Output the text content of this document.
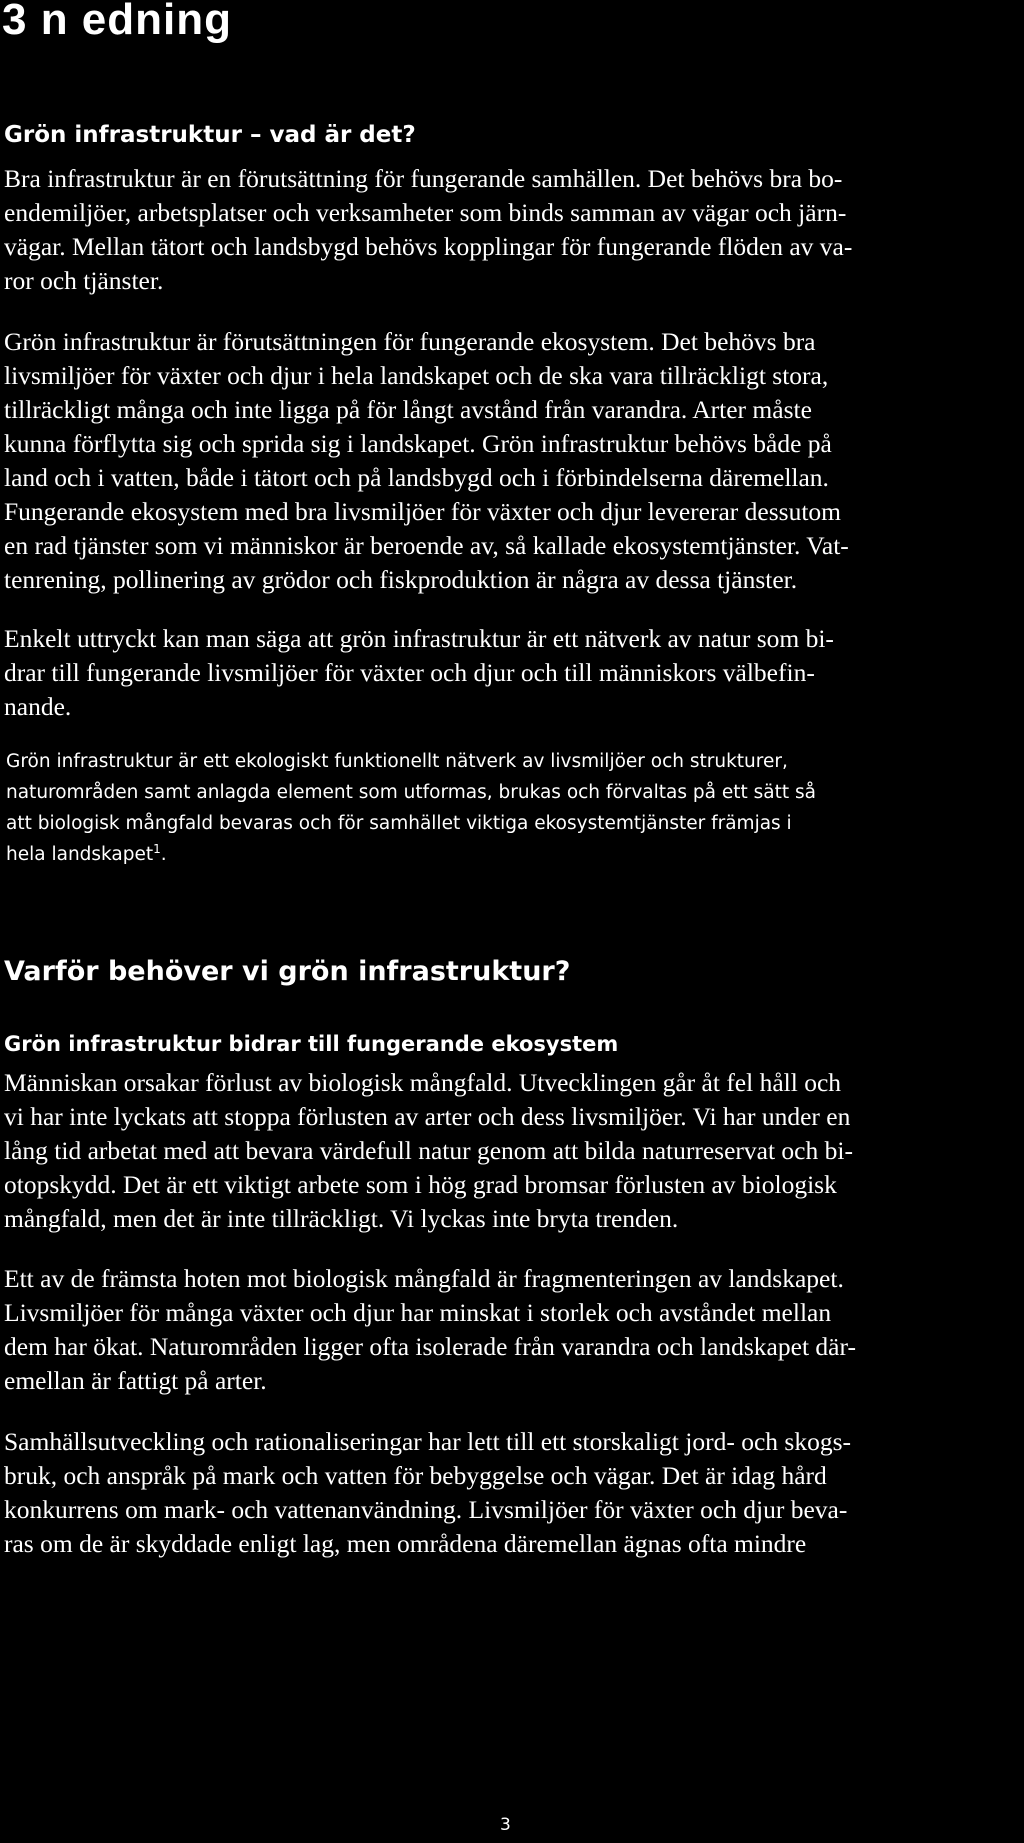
3 n edning
Grön infrastruktur – vad är det?

Bra infrastruktur är en förutsättning för fungerande samhällen. Det behövs bra bo-
endemiljöer, arbetsplatser och verksamheter som binds samman av vägar och järn-
vägar. Mellan tätort och landsbygd behövs kopplingar för fungerande flöden av va-
ror och tjänster.

Grön infrastruktur är förutsättningen för fungerande ekosystem. Det behövs bra
livsmiljöer för växter och djur i hela landskapet och de ska vara tillräckligt stora,
tillräckligt många och inte ligga på för långt avstånd från varandra. Arter måste
kunna förflytta sig och sprida sig i landskapet. Grön infrastruktur behövs både på
land och i vatten, både i tätort och på landsbygd och i förbindelserna däremellan.
Fungerande ekosystem med bra livsmiljöer för växter och djur levererar dessutom
en rad tjänster som vi människor är beroende av, så kallade ekosystemtjänster. Vat-
tenrening, pollinering av grödor och fiskproduktion är några av dessa tjänster.

Enkelt uttryckt kan man säga att grön infrastruktur är ett nätverk av natur som bi-
drar till fungerande livsmiljöer för växter och djur och till människors välbefin-
nande.

Grön infrastruktur är ett ekologiskt funktionellt nätverk av livsmiljöer och strukturer,
naturområden samt anlagda element som utformas, brukas och förvaltas på ett sätt så
att biologisk mångfald bevaras och för samhället viktiga ekosystemtjänster främjas i
hela landskapet$^1$.

Varför behöver vi grön infrastruktur?
Grön infrastruktur bidrar till fungerande ekosystem

Människan orsakar förlust av biologisk mångfald. Utvecklingen går åt fel håll och
vi har inte lyckats att stoppa förlusten av arter och dess livsmiljöer. Vi har under en
lång tid arbetat med att bevara värdefull natur genom att bilda naturreservat och bi-
otopskydd. Det är ett viktigt arbete som i hög grad bromsar förlusten av biologisk
mångfald, men det är inte tillräckligt. Vi lyckas inte bryta trenden.

Ett av de främsta hoten mot biologisk mångfald är fragmenteringen av landskapet.
Livsmiljöer för många växter och djur har minskat i storlek och avståndet mellan
dem har ökat. Naturområden ligger ofta isolerade från varandra och landskapet där-
emellan är fattigt på arter.

Samhällsutveckling och rationaliseringar har lett till ett storskaligt jord- och skogs-
bruk, och anspråk på mark och vatten för bebyggelse och vägar. Det är idag hård
konkurrens om mark- och vattenanvändning. Livsmiljöer för växter och djur beva-
ras om de är skyddade enligt lag, men områdena däremellan ägnas ofta mindre

3
